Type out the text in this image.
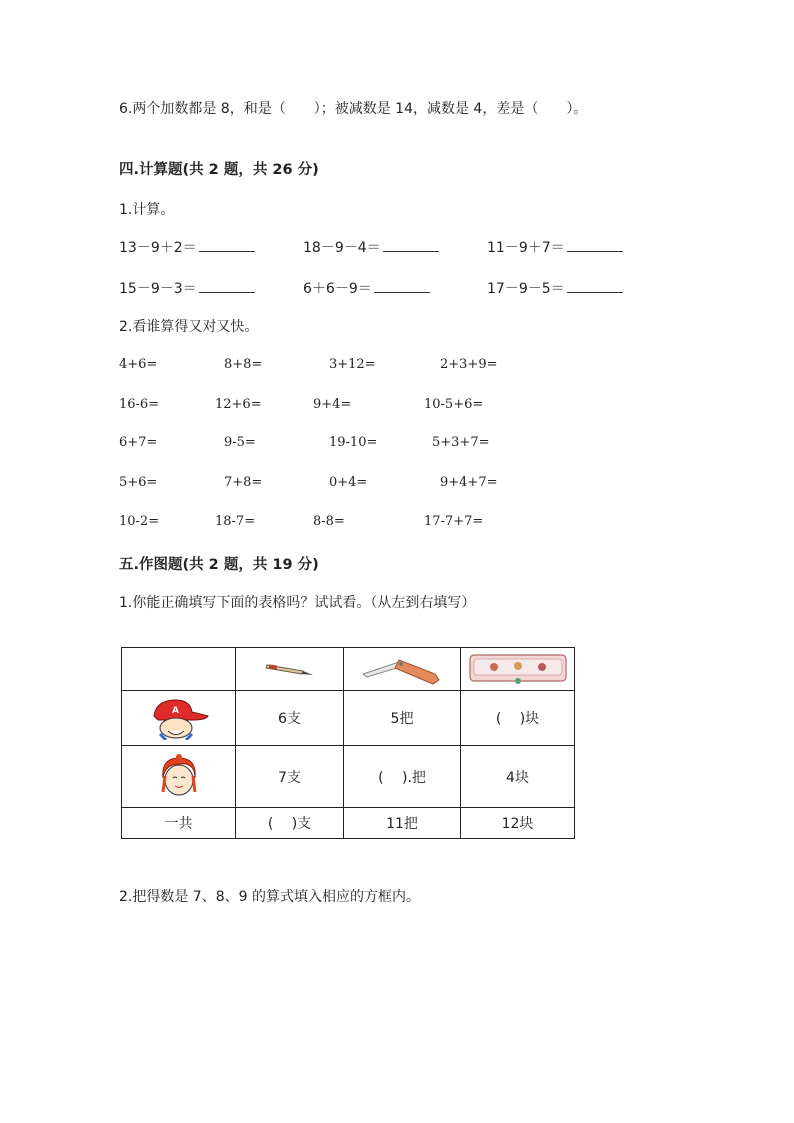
6.两个加数都是 8，和是（　　）；被减数是 14，减数是 4，差是（　　）。
四.计算题(共 2 题，共 26 分)
1.计算。
13－9＋2＝	18－9－4＝	11－9＋7＝
15－9－3＝	6＋6－9＝	17－9－5＝
2.看谁算得又对又快。
4+6=	8+8=	3+12=	2+3+9=
16-6=	12+6=	9+4=	10-5+6=
6+7=	9-5=	19-10=	5+3+7=
5+6=	7+8=	0+4=	9+4+7=
10-2=	18-7=	8-8=	17-7+7=
五.作图题(共 2 题，共 19 分)
1.你能正确填写下面的表格吗？试试看。（从左到右填写）

A	6支	5把	(　 )块

	7支	(　 ).把	4块
一共	(　 )支	11把	12块
2.把得数是 7、8、9 的算式填入相应的方框内。
